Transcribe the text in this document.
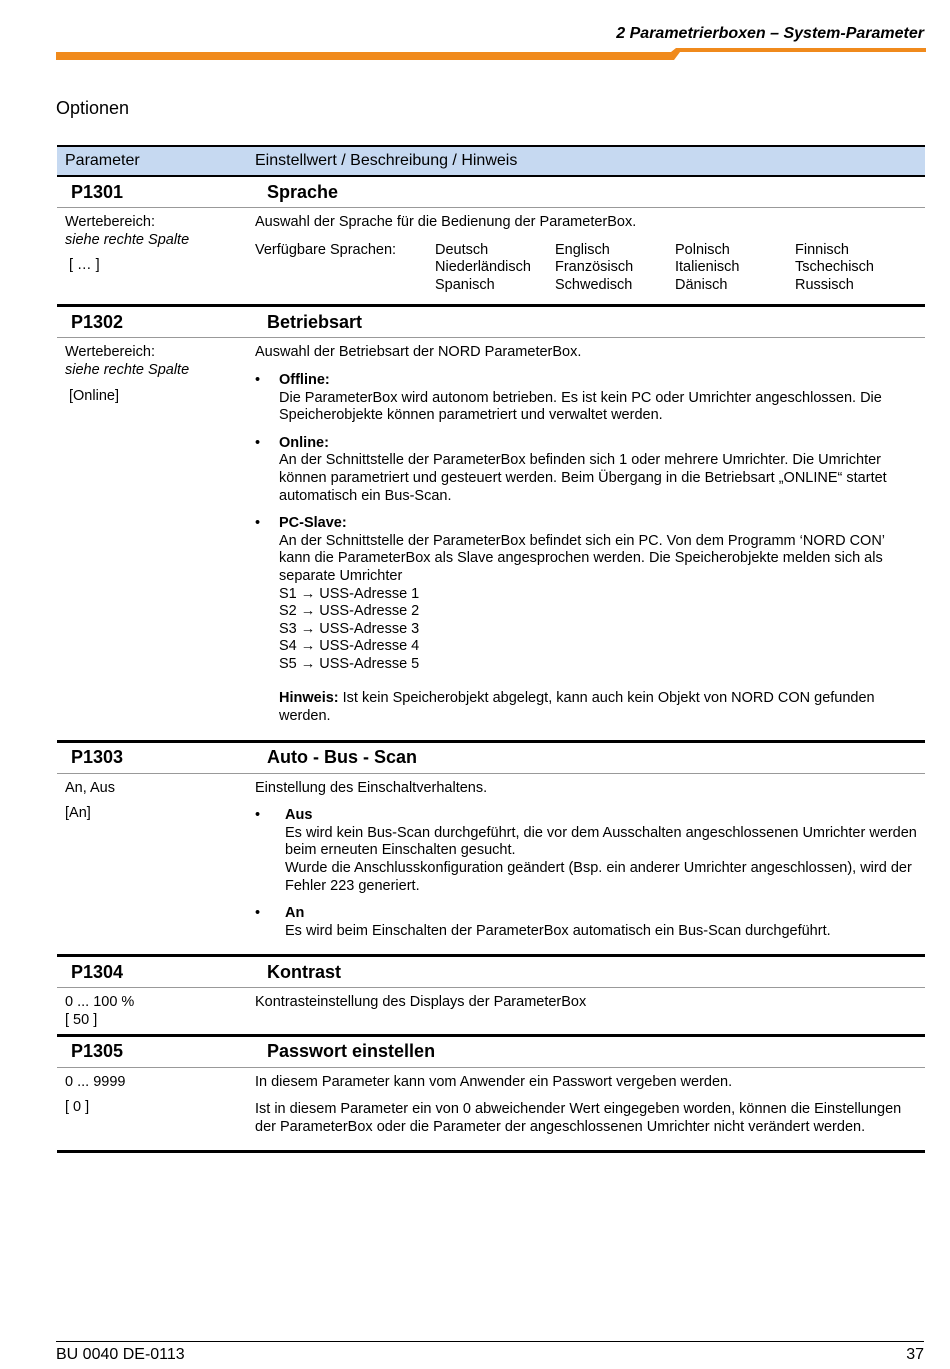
2 Parametrierboxen – System-Parameter
Optionen
Parameter	Einstellwert / Beschreibung / Hinweis
P1301	Sprache
Wertebereich:
siehe rechte Spalte
[ … ]

Auswahl der Sprache für die Bedienung der ParameterBox.

Verfügbare Sprachen:	Deutsch	Englisch	Polnisch	Finnisch
Niederländisch	Französisch	Italienisch	Tschechisch
Spanisch	Schwedisch	Dänisch	Russisch
P1302	Betriebsart
Wertebereich:
siehe rechte Spalte
[Online]

Auswahl der Betriebsart der NORD ParameterBox.

•	Offline:
Die ParameterBox wird autonom betrieben. Es ist kein PC oder Umrichter angeschlossen. Die Speicherobjekte können parametriert und verwaltet werden.
•	Online:
An der Schnittstelle der ParameterBox befinden sich 1 oder mehrere Umrichter. Die Umrichter können parametriert und gesteuert werden. Beim Übergang in die Betriebsart „ONLINE“ startet automatisch ein Bus-Scan.
•	PC-Slave:
An der Schnittstelle der ParameterBox befindet sich ein PC. Von dem Programm ‘NORD CON’ kann die ParameterBox als Slave angesprochen werden. Die Speicherobjekte melden sich als separate Umrichter
S1 → USS-Adresse 1
S2 → USS-Adresse 2
S3 → USS-Adresse 3
S4 → USS-Adresse 4
S5 → USS-Adresse 5
Hinweis: Ist kein Speicherobjekt abgelegt, kann auch kein Objekt von NORD CON gefunden werden.
P1303	Auto - Bus - Scan
An, Aus
[An]

Einstellung des Einschaltverhaltens.

•	Aus
Es wird kein Bus-Scan durchgeführt, die vor dem Ausschalten angeschlossenen Umrichter werden beim erneuten Einschalten gesucht.
Wurde die Anschlusskonfiguration geändert (Bsp. ein anderer Umrichter angeschlossen), wird der Fehler 223 generiert.
•	An
Es wird beim Einschalten der ParameterBox automatisch ein Bus-Scan durchgeführt.
P1304	Kontrast
0 ... 100 %
[ 50 ]

Kontrasteinstellung des Displays der ParameterBox

P1305	Passwort einstellen
0 ... 9999
[ 0 ]

In diesem Parameter kann vom Anwender ein Passwort vergeben werden.

Ist in diesem Parameter ein von 0 abweichender Wert eingegeben worden, können die Einstellungen der ParameterBox oder die Parameter der angeschlossenen Umrichter nicht verändert werden.

BU 0040 DE-0113	37
